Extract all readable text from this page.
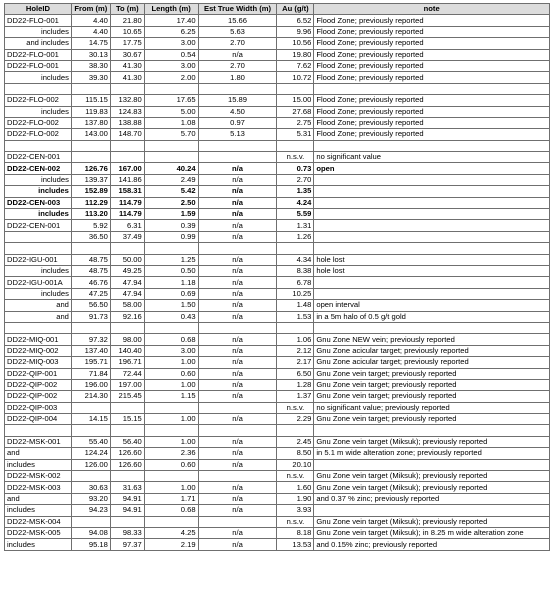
HoleID	From (m)	To (m)	Length (m)	Est True Width (m)	Au (g/t)	note
DD22-FLO-001	4.40	21.80	17.40	15.66	6.52	Flood Zone; previously reported
includes	4.40	10.65	6.25	5.63	9.96	Flood Zone; previously reported
and includes	14.75	17.75	3.00	2.70	10.56	Flood Zone; previously reported
DD22-FLO-001	30.13	30.67	0.54	n/a	19.80	Flood Zone; previously reported
DD22-FLO-001	38.30	41.30	3.00	2.70	7.62	Flood Zone; previously reported
includes	39.30	41.30	2.00	1.80	10.72	Flood Zone; previously reported

DD22-FLO-002	115.15	132.80	17.65	15.89	15.00	Flood Zone; previously reported
includes	119.83	124.83	5.00	4.50	27.68	Flood Zone; previously reported
DD22-FLO-002	137.80	138.88	1.08	0.97	2.75	Flood Zone; previously reported
DD22-FLO-002	143.00	148.70	5.70	5.13	5.31	Flood Zone; previously reported

DD22-CEN-001					n.s.v.	no significant value
DD22-CEN-002	126.76	167.00	40.24	n/a	0.73	open
includes	139.37	141.86	2.49	n/a	2.70	
includes	152.89	158.31	5.42	n/a	1.35	
DD22-CEN-003	112.29	114.79	2.50	n/a	4.24	
includes	113.20	114.79	1.59	n/a	5.59	
DD22-CEN-001	5.92	6.31	0.39	n/a	1.31	
	36.50	37.49	0.99	n/a	1.26	

DD22-IGU-001	48.75	50.00	1.25	n/a	4.34	hole lost
includes	48.75	49.25	0.50	n/a	8.38	hole lost
DD22-IGU-001A	46.76	47.94	1.18	n/a	6.78	
includes	47.25	47.94	0.69	n/a	10.25	
and	56.50	58.00	1.50	n/a	1.48	open interval
and	91.73	92.16	0.43	n/a	1.53	in a 5m halo of 0.5 g/t gold

DD22-MIQ-001	97.32	98.00	0.68	n/a	1.06	Gnu Zone NEW vein; previously reported
DD22-MIQ-002	137.40	140.40	3.00	n/a	2.12	Gnu Zone acicular target; previously reported
DD22-MIQ-003	195.71	196.71	1.00	n/a	2.17	Gnu Zone acicular target; previously reported
DD22-QIP-001	71.84	72.44	0.60	n/a	6.50	Gnu Zone vein target; previously reported
DD22-QIP-002	196.00	197.00	1.00	n/a	1.28	Gnu Zone vein target; previously reported
DD22-QIP-002	214.30	215.45	1.15	n/a	1.37	Gnu Zone vein target; previously reported
DD22-QIP-003					n.s.v.	no significant value; previously reported
DD22-QIP-004	14.15	15.15	1.00	n/a	2.29	Gnu Zone vein target; previously reported

DD22-MSK-001	55.40	56.40	1.00	n/a	2.45	Gnu Zone vein target (Miksuk); previously reported
and	124.24	126.60	2.36	n/a	8.50	in 5.1 m wide alteration zone; previously reported
includes	126.00	126.60	0.60	n/a	20.10	
DD22-MSK-002					n.s.v.	Gnu Zone vein target (Miksuk); previously reported
DD22-MSK-003	30.63	31.63	1.00	n/a	1.60	Gnu Zone vein target (Miksuk); previously reported
and	93.20	94.91	1.71	n/a	1.90	and 0.37 % zinc; previously reported
includes	94.23	94.91	0.68	n/a	3.93	
DD22-MSK-004					n.s.v.	Gnu Zone vein target (Miksuk); previously reported
DD22-MSK-005	94.08	98.33	4.25	n/a	8.18	Gnu Zone vein target (Miksuk); in 8.25 m wide alteration zone
includes	95.18	97.37	2.19	n/a	13.53	and 0.15% zinc; previously reported
